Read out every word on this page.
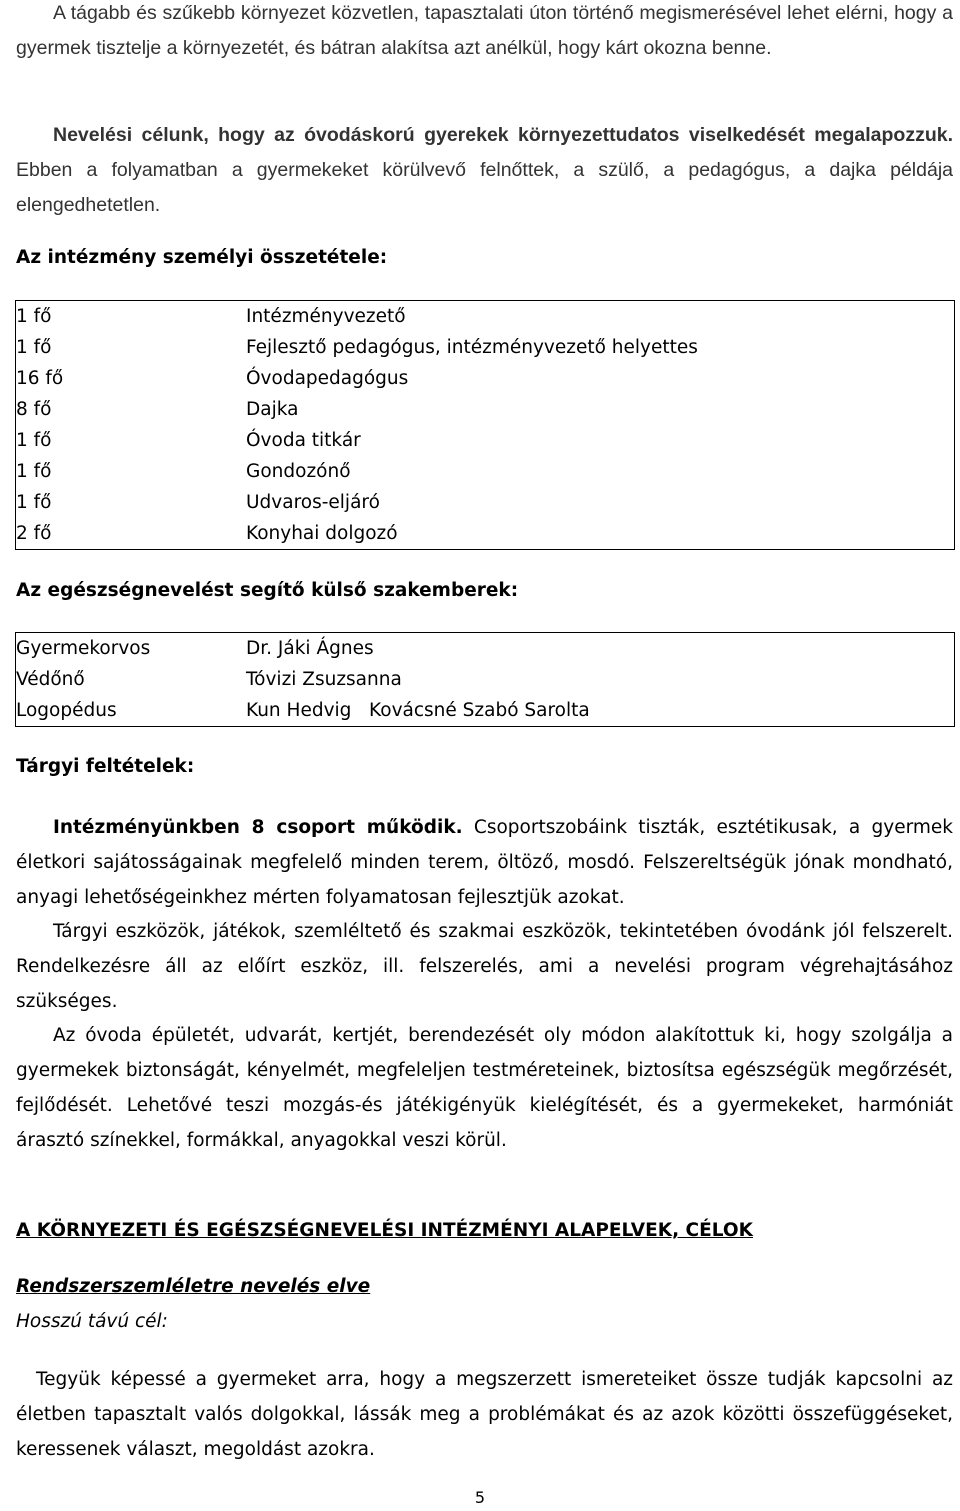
A tágabb és szűkebb környezet közvetlen, tapasztalati úton történő megismerésével lehet elérni, hogy a gyermek tisztelje a környezetét, és bátran alakítsa azt anélkül, hogy kárt okozna benne.

Nevelési célunk, hogy az óvodáskorú gyerekek környezettudatos viselkedését megalapozzuk. Ebben a folyamatban a gyermekeket körülvevő felnőttek, a szülő, a pedagógus, a dajka példája elengedhetetlen.

Az intézmény személyi összetétele:

1 fő	Intézményvezető
1 fő	Fejlesztő pedagógus, intézményvezető helyettes
16 fő	Óvodapedagógus
8 fő	Dajka
1 fő	Óvoda titkár
1 fő	Gondozónő
1 fő	Udvaros-eljáró
2 fő	Konyhai dolgozó

Az egészségnevelést segítő külső szakemberek:

Gyermekorvos	Dr. Jáki Ágnes
Védőnő	Tóvizi Zsuzsanna
Logopédus	Kun Hedvig   Kovácsné Szabó Sarolta

Tárgyi feltételek:

Intézményünkben 8 csoport működik. Csoportszobáink tiszták, esztétikusak, a gyermek életkori sajátosságainak megfelelő minden terem, öltöző, mosdó. Felszereltségük jónak mondható, anyagi lehetőségeinkhez mérten folyamatosan fejlesztjük azokat.

Tárgyi eszközök, játékok, szemléltető és szakmai eszközök, tekintetében óvodánk jól felszerelt. Rendelkezésre áll az előírt eszköz, ill. felszerelés, ami a nevelési program végrehajtásához szükséges.

Az óvoda épületét, udvarát, kertjét, berendezését oly módon alakítottuk ki, hogy szolgálja a gyermekek biztonságát, kényelmét, megfeleljen testméreteinek, biztosítsa egészségük megőrzését, fejlődését. Lehetővé teszi mozgás-és játékigényük kielégítését, és a gyermekeket, harmóniát árasztó színekkel, formákkal, anyagokkal veszi körül.

A KÖRNYEZETI ÉS EGÉSZSÉGNEVELÉSI INTÉZMÉNYI ALAPELVEK, CÉLOK

Rendszerszemléletre nevelés elve

Hosszú távú cél:

Tegyük képessé a gyermeket arra, hogy a megszerzett ismereteiket össze tudják kapcsolni az életben tapasztalt valós dolgokkal, lássák meg a problémákat és az azok közötti összefüggéseket, keressenek választ, megoldást azokra.

5
